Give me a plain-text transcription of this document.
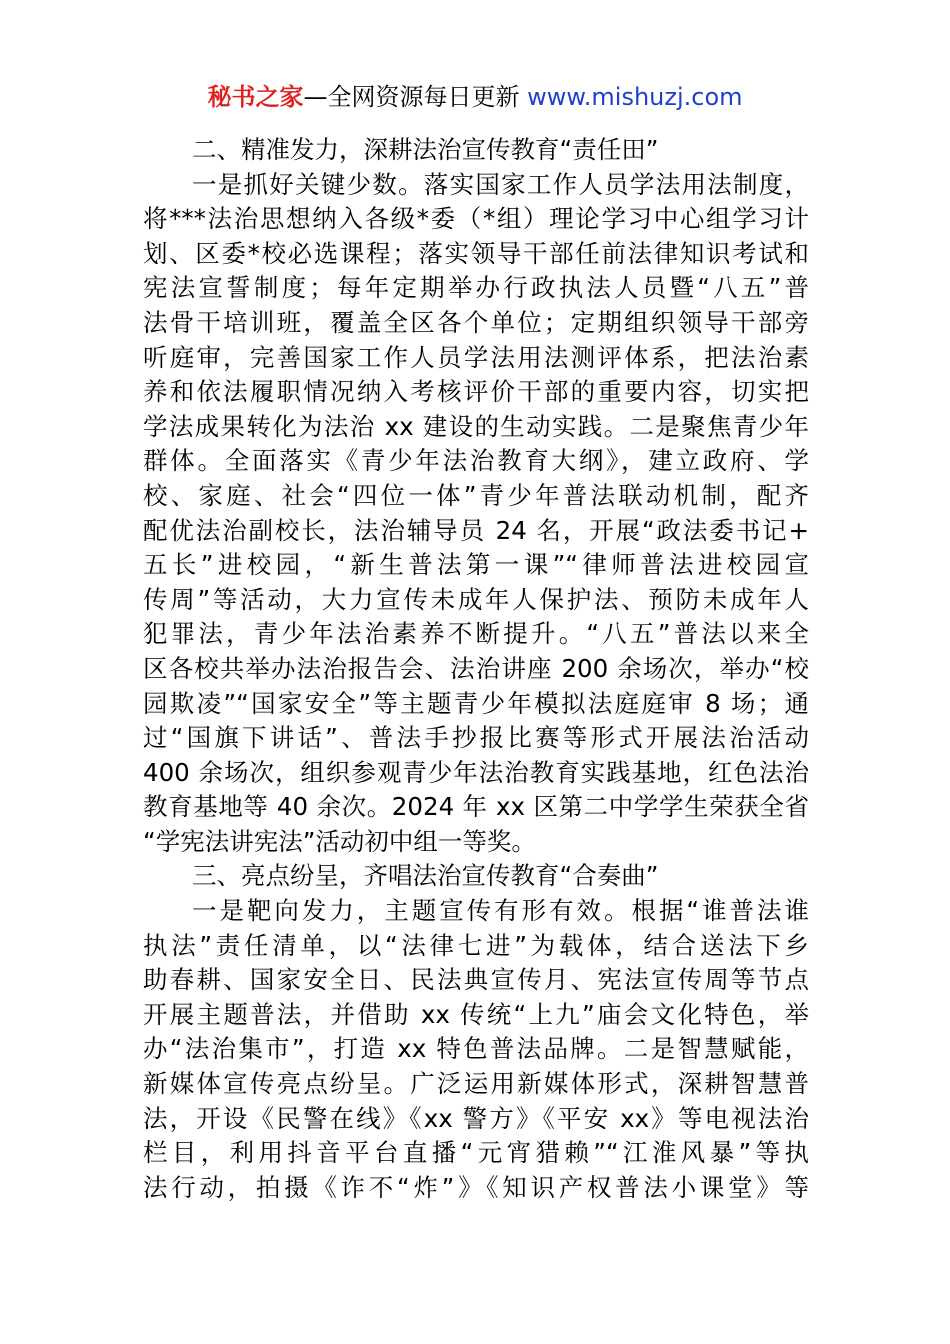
秘书之家—全网资源每日更新 www.mishuzj.com
二、精准发力，深耕法治宣传教育“责任田”
一是抓好关键少数。落实国家工作人员学法用法制度，
将***法治思想纳入各级*委（*组）理论学习中心组学习计
划、区委*校必选课程；落实领导干部任前法律知识考试和
宪法宣誓制度；每年定期举办行政执法人员暨“八五”普
法骨干培训班，覆盖全区各个单位；定期组织领导干部旁
听庭审，完善国家工作人员学法用法测评体系，把法治素
养和依法履职情况纳入考核评价干部的重要内容，切实把
学法成果转化为法治 xx 建设的生动实践。二是聚焦青少年
群体。全面落实《青少年法治教育大纲》，建立政府、学
校、家庭、社会“四位一体”青少年普法联动机制，配齐
配优法治副校长，法治辅导员 24 名，开展“政法委书记+
五长”进校园，“新生普法第一课”“律师普法进校园宣
传周”等活动，大力宣传未成年人保护法、预防未成年人
犯罪法，青少年法治素养不断提升。“八五”普法以来全
区各校共举办法治报告会、法治讲座 200 余场次，举办“校
园欺凌”“国家安全”等主题青少年模拟法庭庭审 8 场；通
过“国旗下讲话”、普法手抄报比赛等形式开展法治活动
400 余场次，组织参观青少年法治教育实践基地，红色法治
教育基地等 40 余次。2024 年 xx 区第二中学学生荣获全省
“学宪法讲宪法”活动初中组一等奖。
三、亮点纷呈，齐唱法治宣传教育“合奏曲”
一是靶向发力，主题宣传有形有效。根据“谁普法谁
执法”责任清单，以“法律七进”为载体，结合送法下乡
助春耕、国家安全日、民法典宣传月、宪法宣传周等节点
开展主题普法，并借助 xx 传统“上九”庙会文化特色，举
办“法治集市”，打造 xx 特色普法品牌。二是智慧赋能，
新媒体宣传亮点纷呈。广泛运用新媒体形式，深耕智慧普
法，开设《民警在线》《xx 警方》《平安 xx》等电视法治
栏目，利用抖音平台直播“元宵猎赖”“江淮风暴”等执
法行动，拍摄《诈不“炸”》《知识产权普法小课堂》等
